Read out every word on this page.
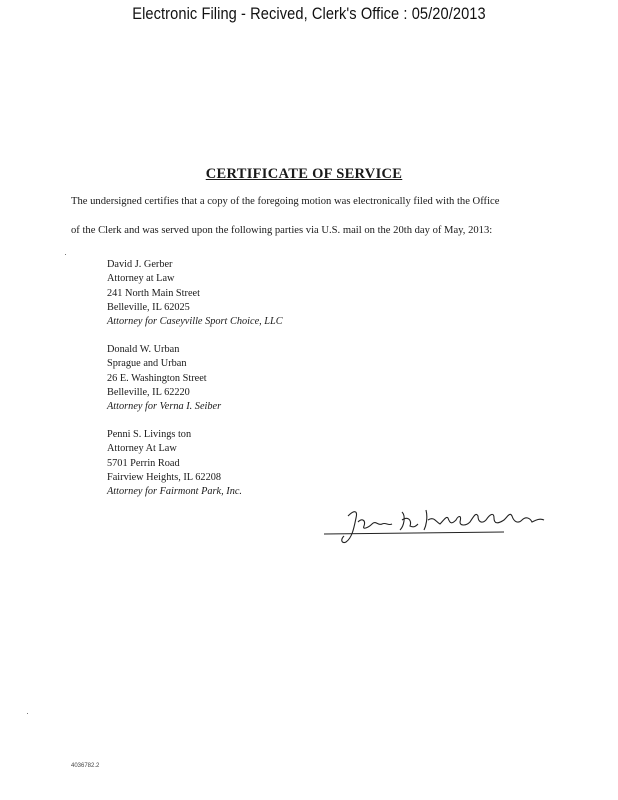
Electronic Filing - Recived, Clerk's Office : 05/20/2013
CERTIFICATE OF SERVICE
The undersigned certifies that a copy of the foregoing motion was electronically filed with the Office
of the Clerk and was served upon the following parties via U.S. mail on the 20th day of May, 2013:
David J. Gerber
Attorney at Law
241 North Main Street
Belleville, IL 62025
Attorney for Caseyville Sport Choice, LLC
Donald W. Urban
Sprague and Urban
26 E. Washington Street
Belleville, IL 62220
Attorney for Verna I. Seiber
Penni S. Livings ton
Attorney At Law
5701 Perrin Road
Fairview Heights, IL 62208
Attorney for Fairmont Park, Inc.
4036782.2
